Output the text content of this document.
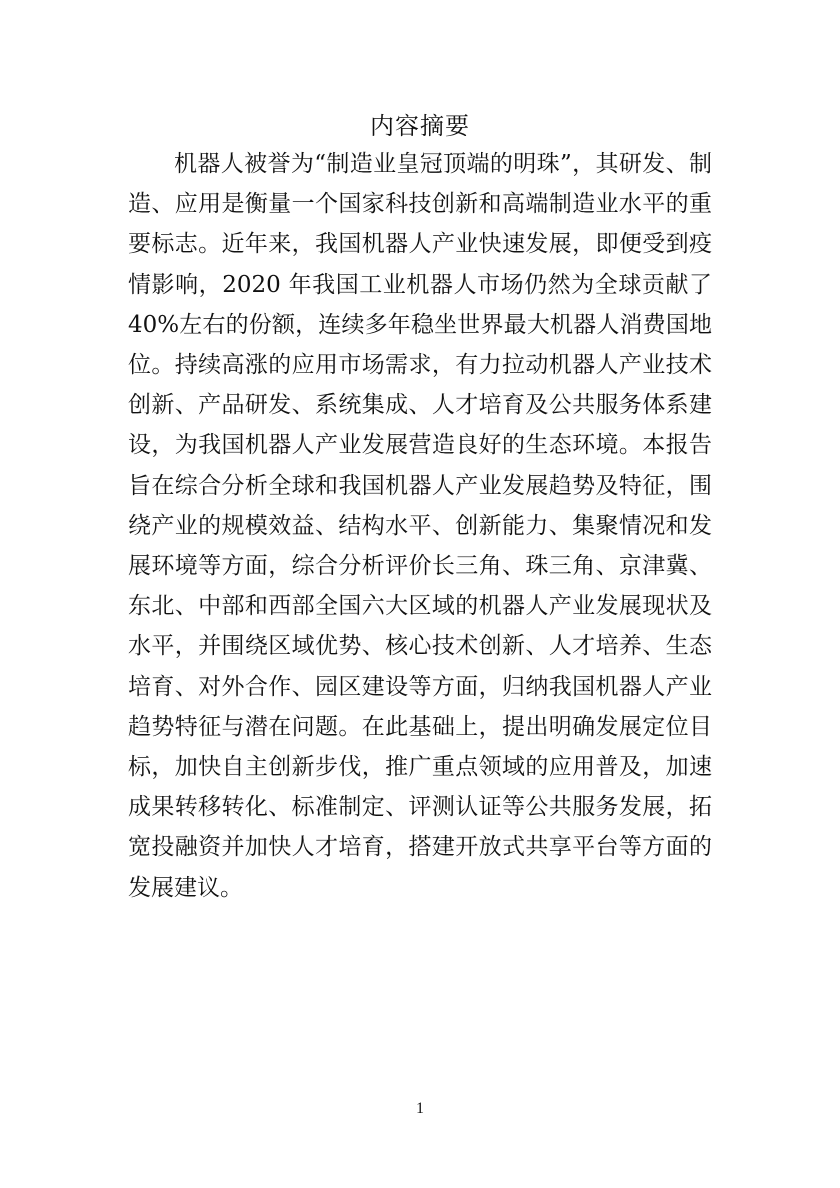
内容摘要

机器人被誉为“制造业皇冠顶端的明珠”，其研发、制造、应用是衡量一个国家科技创新和高端制造业水平的重要标志。近年来，我国机器人产业快速发展，即便受到疫情影响，2020 年我国工业机器人市场仍然为全球贡献了 40%左右的份额，连续多年稳坐世界最大机器人消费国地位。持续高涨的应用市场需求，有力拉动机器人产业技术创新、产品研发、系统集成、人才培育及公共服务体系建设，为我国机器人产业发展营造良好的生态环境。本报告旨在综合分析全球和我国机器人产业发展趋势及特征，围绕产业的规模效益、结构水平、创新能力、集聚情况和发展环境等方面，综合分析评价长三角、珠三角、京津冀、东北、中部和西部全国六大区域的机器人产业发展现状及水平，并围绕区域优势、核心技术创新、人才培养、生态培育、对外合作、园区建设等方面，归纳我国机器人产业趋势特征与潜在问题。在此基础上，提出明确发展定位目标，加快自主创新步伐，推广重点领域的应用普及，加速成果转移转化、标准制定、评测认证等公共服务发展，拓宽投融资并加快人才培育，搭建开放式共享平台等方面的发展建议。

1
